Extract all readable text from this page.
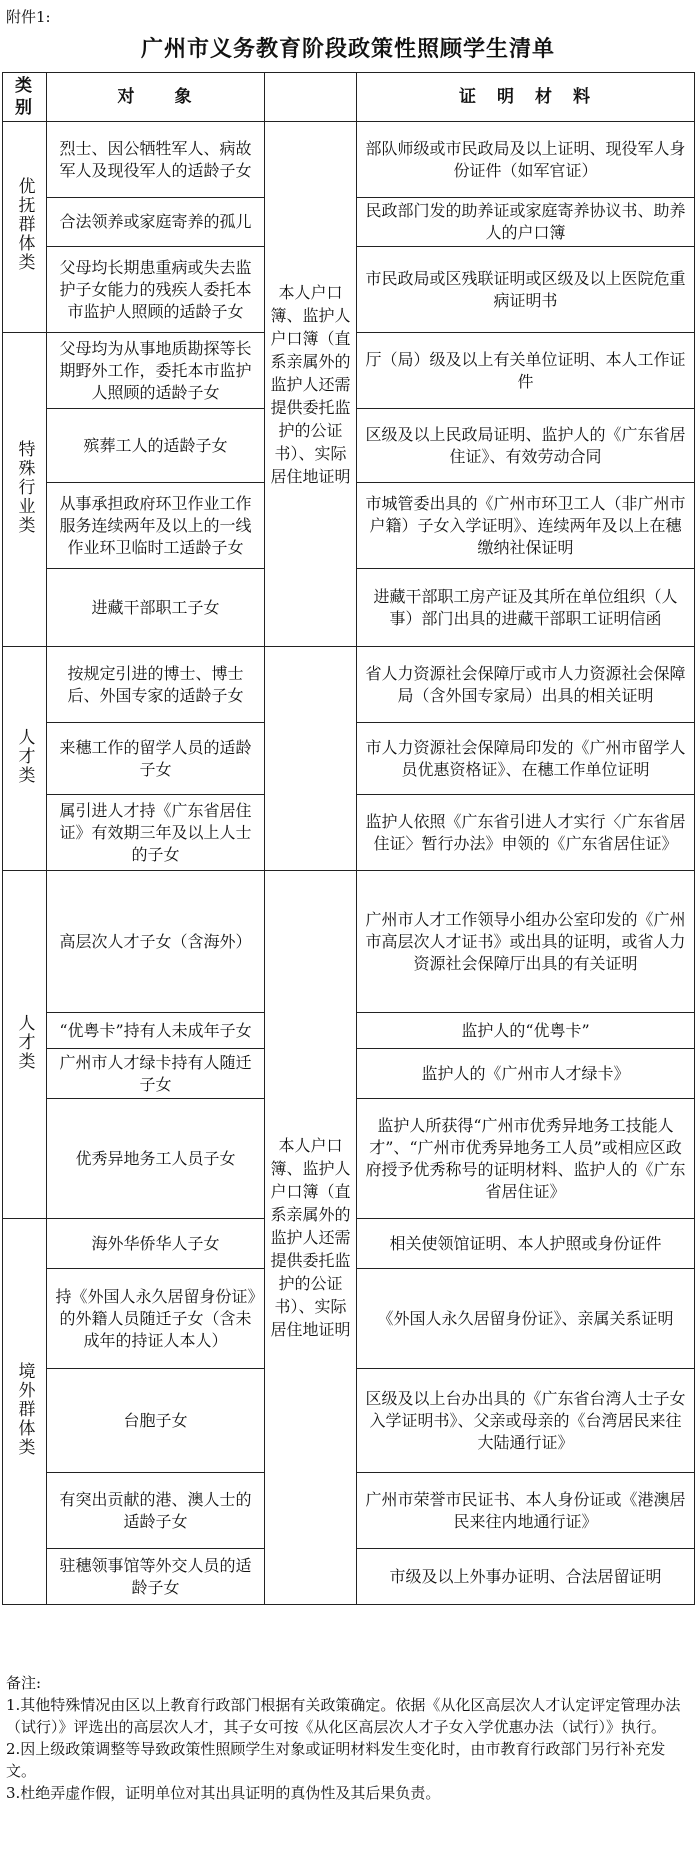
附件1:
广州市义务教育阶段政策性照顾学生清单
类别	对　　象		证　明　材　料
优抚群体类	烈士、因公牺牲军人、病故军人及现役军人的适龄子女	本人户口簿、监护人户口簿（直系亲属外的监护人还需提供委托监护的公证书）、实际居住地证明	部队师级或市民政局及以上证明、现役军人身份证件（如军官证）
	合法领养或家庭寄养的孤儿		民政部门发的助养证或家庭寄养协议书、助养人的户口簿
	父母均长期患重病或失去监护子女能力的残疾人委托本市监护人照顾的适龄子女		市民政局或区残联证明或区级及以上医院危重病证明书
特殊行业类	父母均为从事地质勘探等长期野外工作，委托本市监护人照顾的适龄子女		厅（局）级及以上有关单位证明、本人工作证件
	殡葬工人的适龄子女		区级及以上民政局证明、监护人的《广东省居住证》、有效劳动合同
	从事承担政府环卫作业工作服务连续两年及以上的一线作业环卫临时工适龄子女		市城管委出具的《广州市环卫工人（非广州市户籍）子女入学证明》、连续两年及以上在穗缴纳社保证明
	进藏干部职工子女		进藏干部职工房产证及其所在单位组织（人事）部门出具的进藏干部职工证明信函
人才类	按规定引进的博士、博士后、外国专家的适龄子女		省人力资源社会保障厅或市人力资源社会保障局（含外国专家局）出具的相关证明
	来穗工作的留学人员的适龄子女		市人力资源社会保障局印发的《广州市留学人员优惠资格证》、在穗工作单位证明
	属引进人才持《广东省居住证》有效期三年及以上人士的子女		监护人依照《广东省引进人才实行〈广东省居住证〉暂行办法》申领的《广东省居住证》
人才类	高层次人才子女（含海外）	本人户口簿、监护人户口簿（直系亲属外的监护人还需提供委托监护的公证书）、实际居住地证明	广州市人才工作领导小组办公室印发的《广州市高层次人才证书》或出具的证明，或省人力资源社会保障厅出具的有关证明
	“优粤卡”持有人未成年子女		监护人的“优粤卡”
	广州市人才绿卡持有人随迁子女		监护人的《广州市人才绿卡》
	优秀异地务工人员子女		监护人所获得“广州市优秀异地务工技能人才”、“广州市优秀异地务工人员”或相应区政府授予优秀称号的证明材料、监护人的《广东省居住证》
境外群体类	海外华侨华人子女		相关使领馆证明、本人护照或身份证件
	持《外国人永久居留身份证》的外籍人员随迁子女（含未成年的持证人本人）		《外国人永久居留身份证》、亲属关系证明
	台胞子女		区级及以上台办出具的《广东省台湾人士子女入学证明书》、父亲或母亲的《台湾居民来往大陆通行证》
	有突出贡献的港、澳人士的适龄子女		广州市荣誉市民证书、本人身份证或《港澳居民来往内地通行证》
	驻穗领事馆等外交人员的适龄子女		市级及以上外事办证明、合法居留证明
备注:
1.其他特殊情况由区以上教育行政部门根据有关政策确定。依据《从化区高层次人才认定评定管理办法（试行）》评选出的高层次人才，其子女可按《从化区高层次人才子女入学优惠办法（试行）》执行。
2.因上级政策调整等导致政策性照顾学生对象或证明材料发生变化时，由市教育行政部门另行补充发文。
3.杜绝弄虚作假，证明单位对其出具证明的真伪性及其后果负责。
